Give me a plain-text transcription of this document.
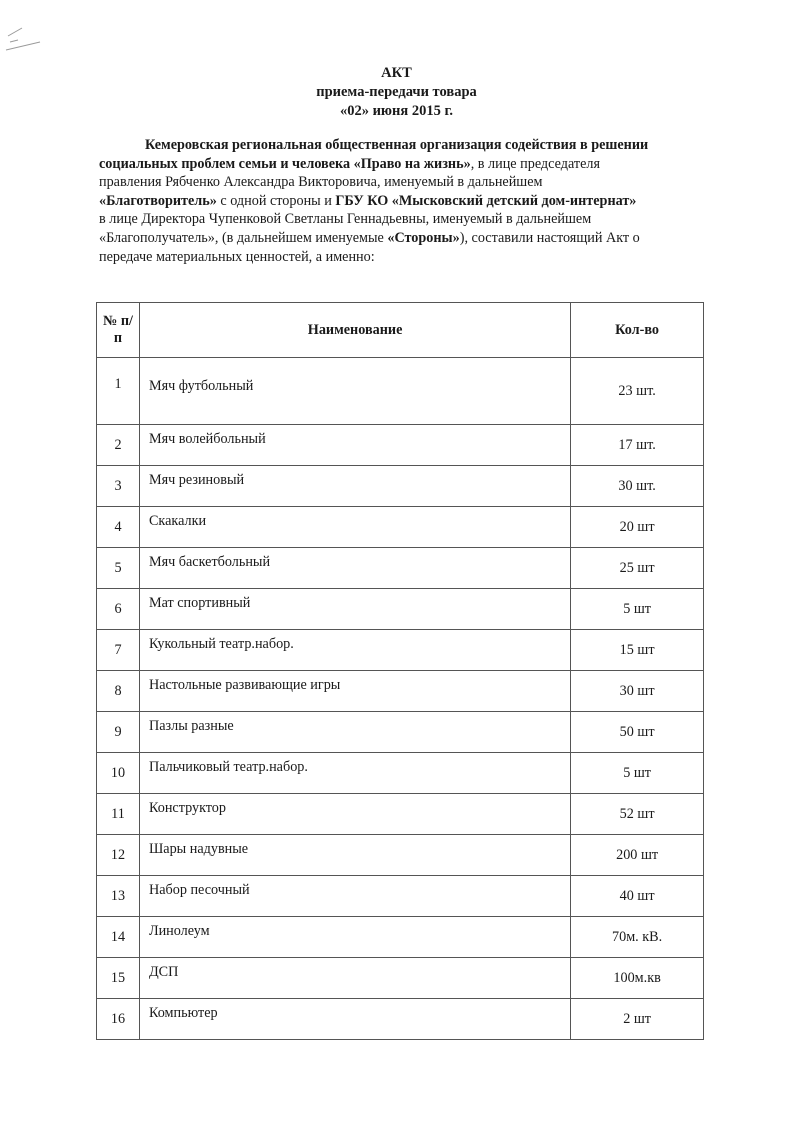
АКТ
приема-передачи товара
«02» июня 2015 г.

Кемеровская региональная общественная организация содействия в решении

социальных проблем семьи и человека «Право на жизнь», в лице председателя

правления Рябченко Александра Викторовича, именуемый в дальнейшем

«Благотворитель» с одной стороны и ГБУ КО «Мысковский детский дом-интернат»

в лице Директора Чупенковой Светланы Геннадьевны, именуемый в дальнейшем

«Благополучатель», (в дальнейшем именуемые «Стороны»), составили настоящий Акт о

передаче материальных ценностей, а именно:

№ п/п	Наименование	Кол-во
1	Мяч футбольный	23 шт.
2	Мяч волейбольный	17 шт.
3	Мяч резиновый	30 шт.
4	Скакалки	20 шт
5	Мяч баскетбольный	25 шт
6	Мат спортивный	5 шт
7	Кукольный театр.набор.	15 шт
8	Настольные развивающие игры	30 шт
9	Пазлы разные	50 шт
10	Пальчиковый театр.набор.	5 шт
11	Конструктор	52 шт
12	Шары надувные	200 шт
13	Набор песочный	40 шт
14	Линолеум	70м. кВ.
15	ДСП	100м.кв
16	Компьютер	2 шт
